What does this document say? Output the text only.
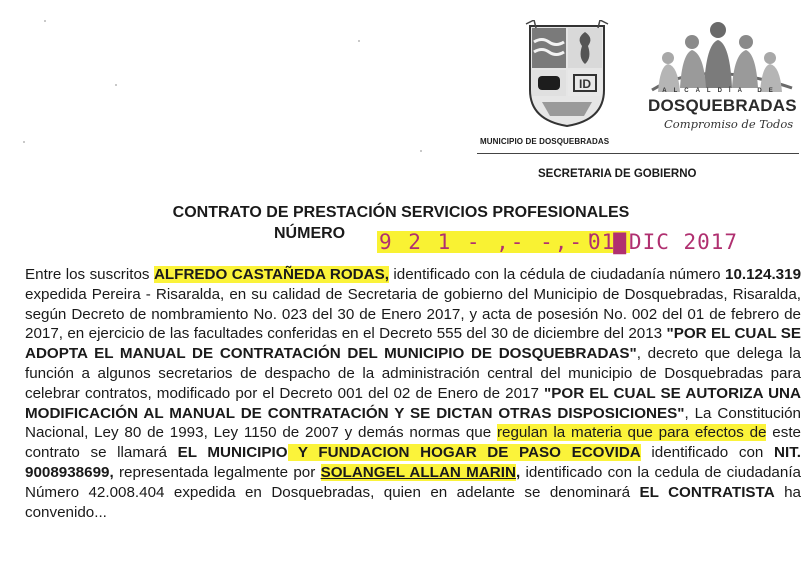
ID
MUNICIPIO DE DOSQUEBRADAS
ALCALDÍA DE
DOSQUEBRADAS
Compromiso de Todos
SECRETARIA DE GOBIERNO
CONTRATO DE PRESTACIÓN SERVICIOS PROFESIONALES
NÚMERO 9 2 1 - ,- -,-' ▇
01 DIC 2017

Entre los suscritos ALFREDO CASTAÑEDA RODAS, identificado con la cédula de ciudadanía número 10.124.319 expedida Pereira - Risaralda, en su calidad de Secretaria de gobierno del Municipio de Dosquebradas, Risaralda, según Decreto de nombramiento No. 023 del 30 de Enero 2017, y acta de posesión No. 002 del 01 de febrero de 2017, en ejercicio de las facultades conferidas en el Decreto 555 del 30 de diciembre del 2013 "POR EL CUAL SE ADOPTA EL MANUAL DE CONTRATACIÓN DEL MUNICIPIO DE DOSQUEBRADAS", decreto que delega la función a algunos secretarios de despacho de la administración central del municipio de Dosquebradas para celebrar contratos, modificado por el Decreto 001 del 02 de Enero de 2017 "POR EL CUAL SE AUTORIZA UNA MODIFICACIÓN AL MANUAL DE CONTRATACIÓN Y SE DICTAN OTRAS DISPOSICIONES", La Constitución Nacional, Ley 80 de 1993, Ley 1150 de 2007 y demás normas que regulan la materia que para efectos de este contrato se llamará EL MUNICIPIO Y FUNDACION HOGAR DE PASO ECOVIDA identificado con NIT. 9008938699, representada legalmente por SOLANGEL ALLAN MARIN, identificado con la cedula de ciudadanía Número 42.008.404 expedida en Dosquebradas, quien en adelante se denominará EL CONTRATISTA ha convenido...
